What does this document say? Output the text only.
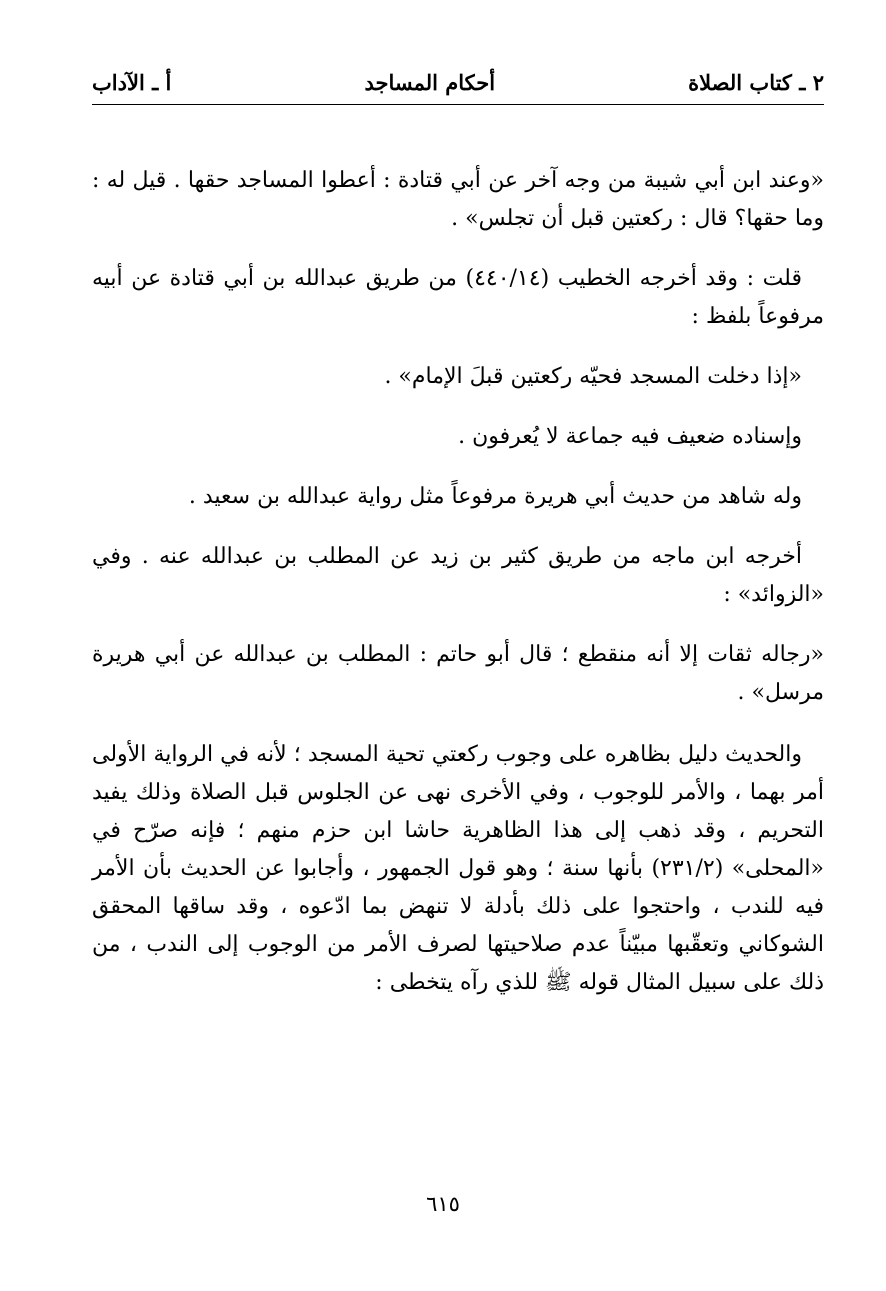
٢ ـ كتاب الصلاة
أحكام المساجد
أ ـ الآداب

«وعند ابن أبي شيبة من وجه آخر عن أبي قتادة : أعطوا المساجد حقها . قيل له : وما حقها؟ قال : ركعتين قبل أن تجلس» .

قلت : وقد أخرجه الخطيب (٤٤٠/١٤) من طريق عبدالله بن أبي قتادة عن أبيه مرفوعاً بلفظ :

«إذا دخلت المسجد فحيّه ركعتين قبلَ الإمام» .

وإسناده ضعيف فيه جماعة لا يُعرفون .

وله شاهد من حديث أبي هريرة مرفوعاً مثل رواية عبدالله بن سعيد .

أخرجه ابن ماجه من طريق كثير بن زيد عن المطلب بن عبدالله عنه . وفي «الزوائد» :

«رجاله ثقات إلا أنه منقطع ؛ قال أبو حاتم : المطلب بن عبدالله عن أبي هريرة مرسل» .

والحديث دليل بظاهره على وجوب ركعتي تحية المسجد ؛ لأنه في الرواية الأولى أمر بهما ، والأمر للوجوب ، وفي الأخرى نهى عن الجلوس قبل الصلاة وذلك يفيد التحريم ، وقد ذهب إلى هذا الظاهرية حاشا ابن حزم منهم ؛ فإنه صرّح في «المحلى» (٢٣١/٢) بأنها سنة ؛ وهو قول الجمهور ، وأجابوا عن الحديث بأن الأمر فيه للندب ، واحتجوا على ذلك بأدلة لا تنهض بما ادّعوه ، وقد ساقها المحقق الشوكاني وتعقّبها مبيّناً عدم صلاحيتها لصرف الأمر من الوجوب إلى الندب ، من ذلك على سبيل المثال قوله ﷺ للذي رآه يتخطى :

٦١٥
